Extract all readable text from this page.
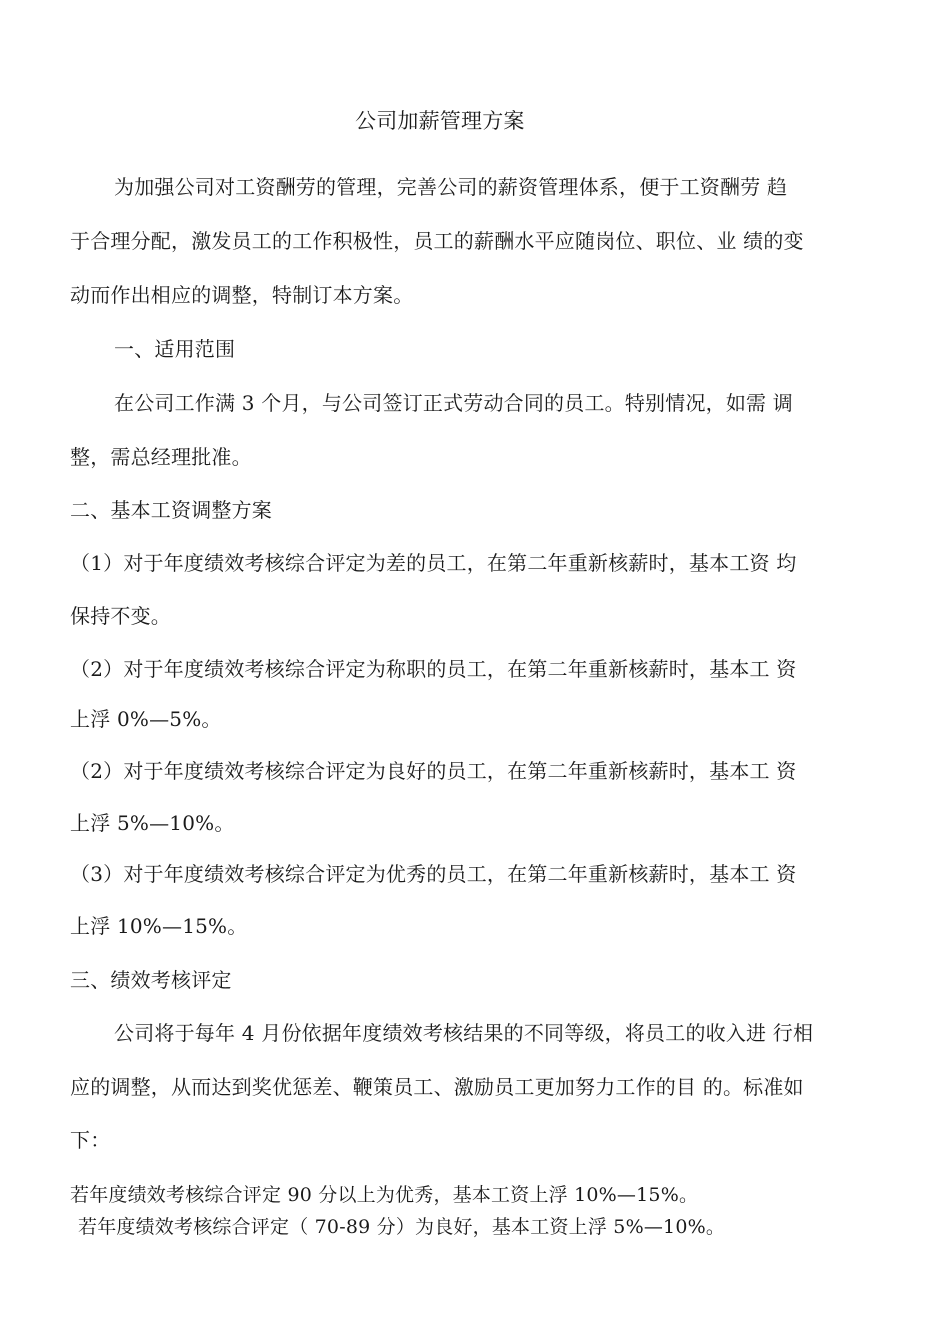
公司加薪管理方案
为加强公司对工资酬劳的管理，完善公司的薪资管理体系，便于工资酬劳 趋
于合理分配，激发员工的工作积极性，员工的薪酬水平应随岗位、职位、业 绩的变
动而作出相应的调整，特制订本方案。
一、适用范围
在公司工作满 3 个月，与公司签订正式劳动合同的员工。特别情况，如需 调
整，需总经理批准。
二、基本工资调整方案
（1）对于年度绩效考核综合评定为差的员工，在第二年重新核薪时，基本工资 均
保持不变。
（2）对于年度绩效考核综合评定为称职的员工，在第二年重新核薪时，基本工 资
上浮 0%—5%。
（2）对于年度绩效考核综合评定为良好的员工，在第二年重新核薪时，基本工 资
上浮 5%—10%。
（3）对于年度绩效考核综合评定为优秀的员工，在第二年重新核薪时，基本工 资
上浮 10%—15%。
三、绩效考核评定
公司将于每年 4 月份依据年度绩效考核结果的不同等级，将员工的收入进 行相
应的调整，从而达到奖优惩差、鞭策员工、激励员工更加努力工作的目 的。标准如
下：
若年度绩效考核综合评定 90 分以上为优秀，基本工资上浮 10%—15%。
若年度绩效考核综合评定（ 70-89 分）为良好，基本工资上浮 5%—10%。
